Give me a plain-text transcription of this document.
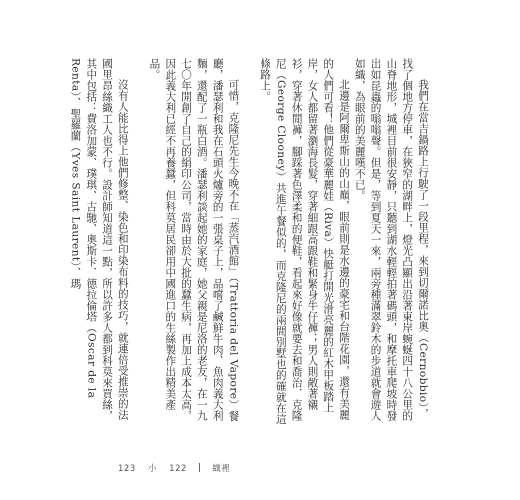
我們在當吉鍋路上行駛了一段里程，來到切爾諾比奧（Cernobbio），找了個地方停車，在狹窄的湖畔上，燈光凸顯出沿著東岸蜿蜒四十八公里的山脊地形，城裡目前很安靜，只聽到湖水輕輕拍著碼頭，和摩托車爬坡時發出如昆蟲的嗡嗡聲。但是，等到夏天一來，兩旁種滿翠鈴木的步道就會遊人如織，為眼前的美麗嘆不已。

北邊是阿爾卑斯山的山巔，眼前則是水邊的豪宅和台階花園，還有美麗的人們可看！他們從豪華麗娃（Riva）快艇打開光滑亮麗的紅木甲板踏上岸，女人都留著瀏海長髮，穿著細跟高跟鞋和緊身牛仔褲；男人則敞著襯衫，穿著休閒褲，腳踩著色澤柔和的便鞋，看起來好像就要去和喬治．克隆尼（George Clooney）共進午餐似的，而克隆尼的兩間別墅也的確就在這條路上。

可惜，克隆尼先生今晚不在「蒸汽酒館」（Trattoria del Vapore）餐廳，潘瑟利和我在石頭火爐旁的一張桌子上，品嚐了鹹鮮牛肉、魚肉義大利麵，還配了一瓶白酒。潘瑟利談起她的家庭，她父親是尼洛的老友，在一九七〇年開創了自己的絹印公司，當時由於大批的蠶生病，再加上成本太高，因此義大利已經不再養蠶，但科莫居民卻用中國進口的生絲製作出精美產品。

沒有人能比得上他們修整、染色和印染布料的技巧，就連倍受推崇的法國里昂絲織工人也不行。設計師知道這一點，所以許多人都到科莫來買絲，其中包括：費洛加蒙、璞琪、古馳、奧斯卡．德拉倫塔（Oscar de la Renta）、聖羅蘭（Yves Saint Laurent）、瑪

123 小 122	織裡
